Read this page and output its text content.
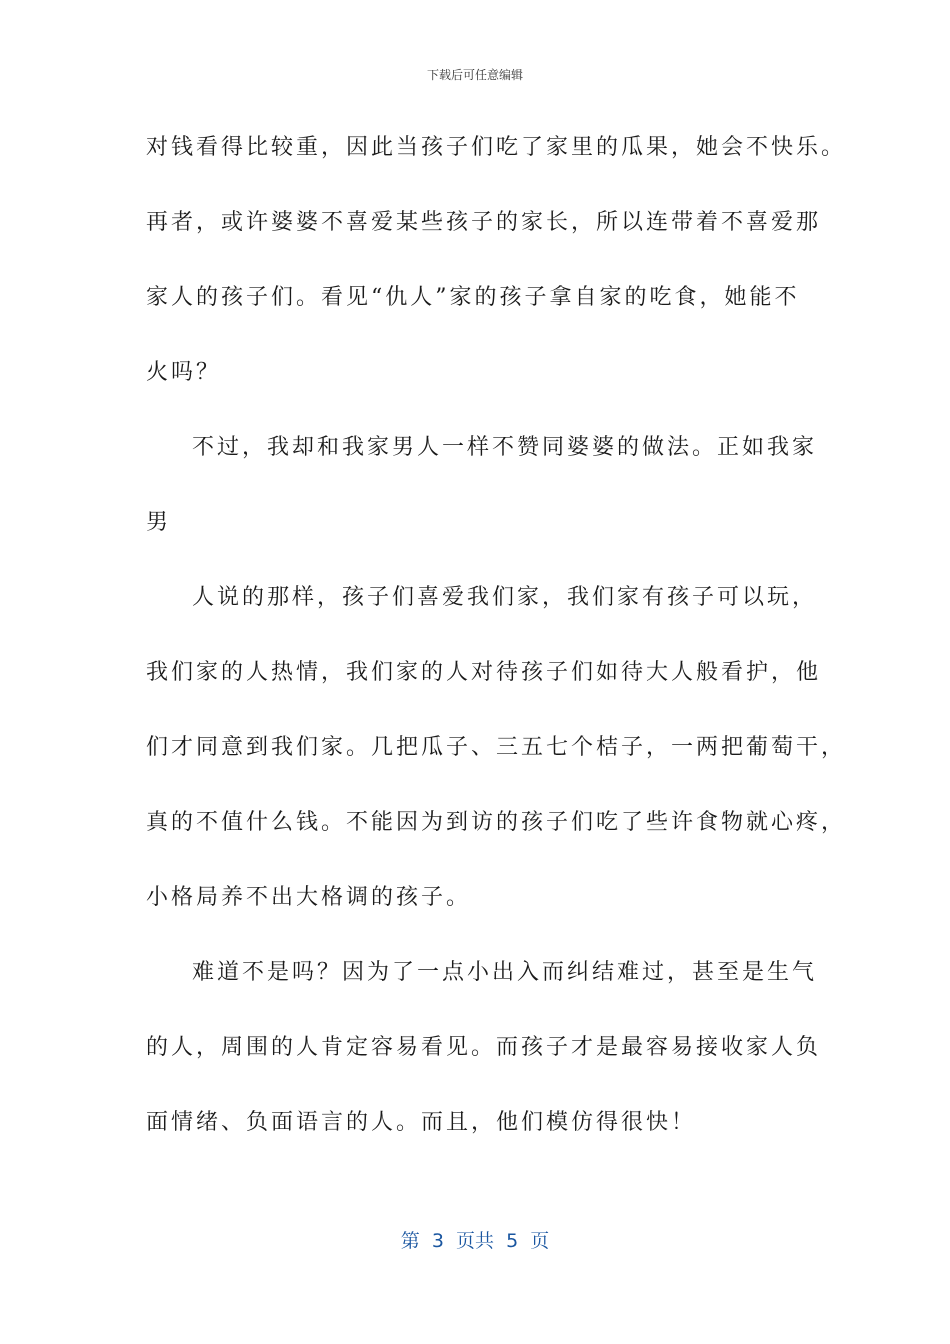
下载后可任意编辑
对钱看得比较重，因此当孩子们吃了家里的瓜果，她会不快乐。
再者，或许婆婆不喜爱某些孩子的家长，所以连带着不喜爱那
家人的孩子们。看见“仇人”家的孩子拿自家的吃食，她能不
火吗？
不过，我却和我家男人一样不赞同婆婆的做法。正如我家
男
人说的那样，孩子们喜爱我们家，我们家有孩子可以玩，
我们家的人热情，我们家的人对待孩子们如待大人般看护，他
们才同意到我们家。几把瓜子、三五七个桔子，一两把葡萄干，
真的不值什么钱。不能因为到访的孩子们吃了些许食物就心疼，
小格局养不出大格调的孩子。
难道不是吗？因为了一点小出入而纠结难过，甚至是生气
的人，周围的人肯定容易看见。而孩子才是最容易接收家人负
面情绪、负面语言的人。而且，他们模仿得很快！
第  3  页共  5  页
